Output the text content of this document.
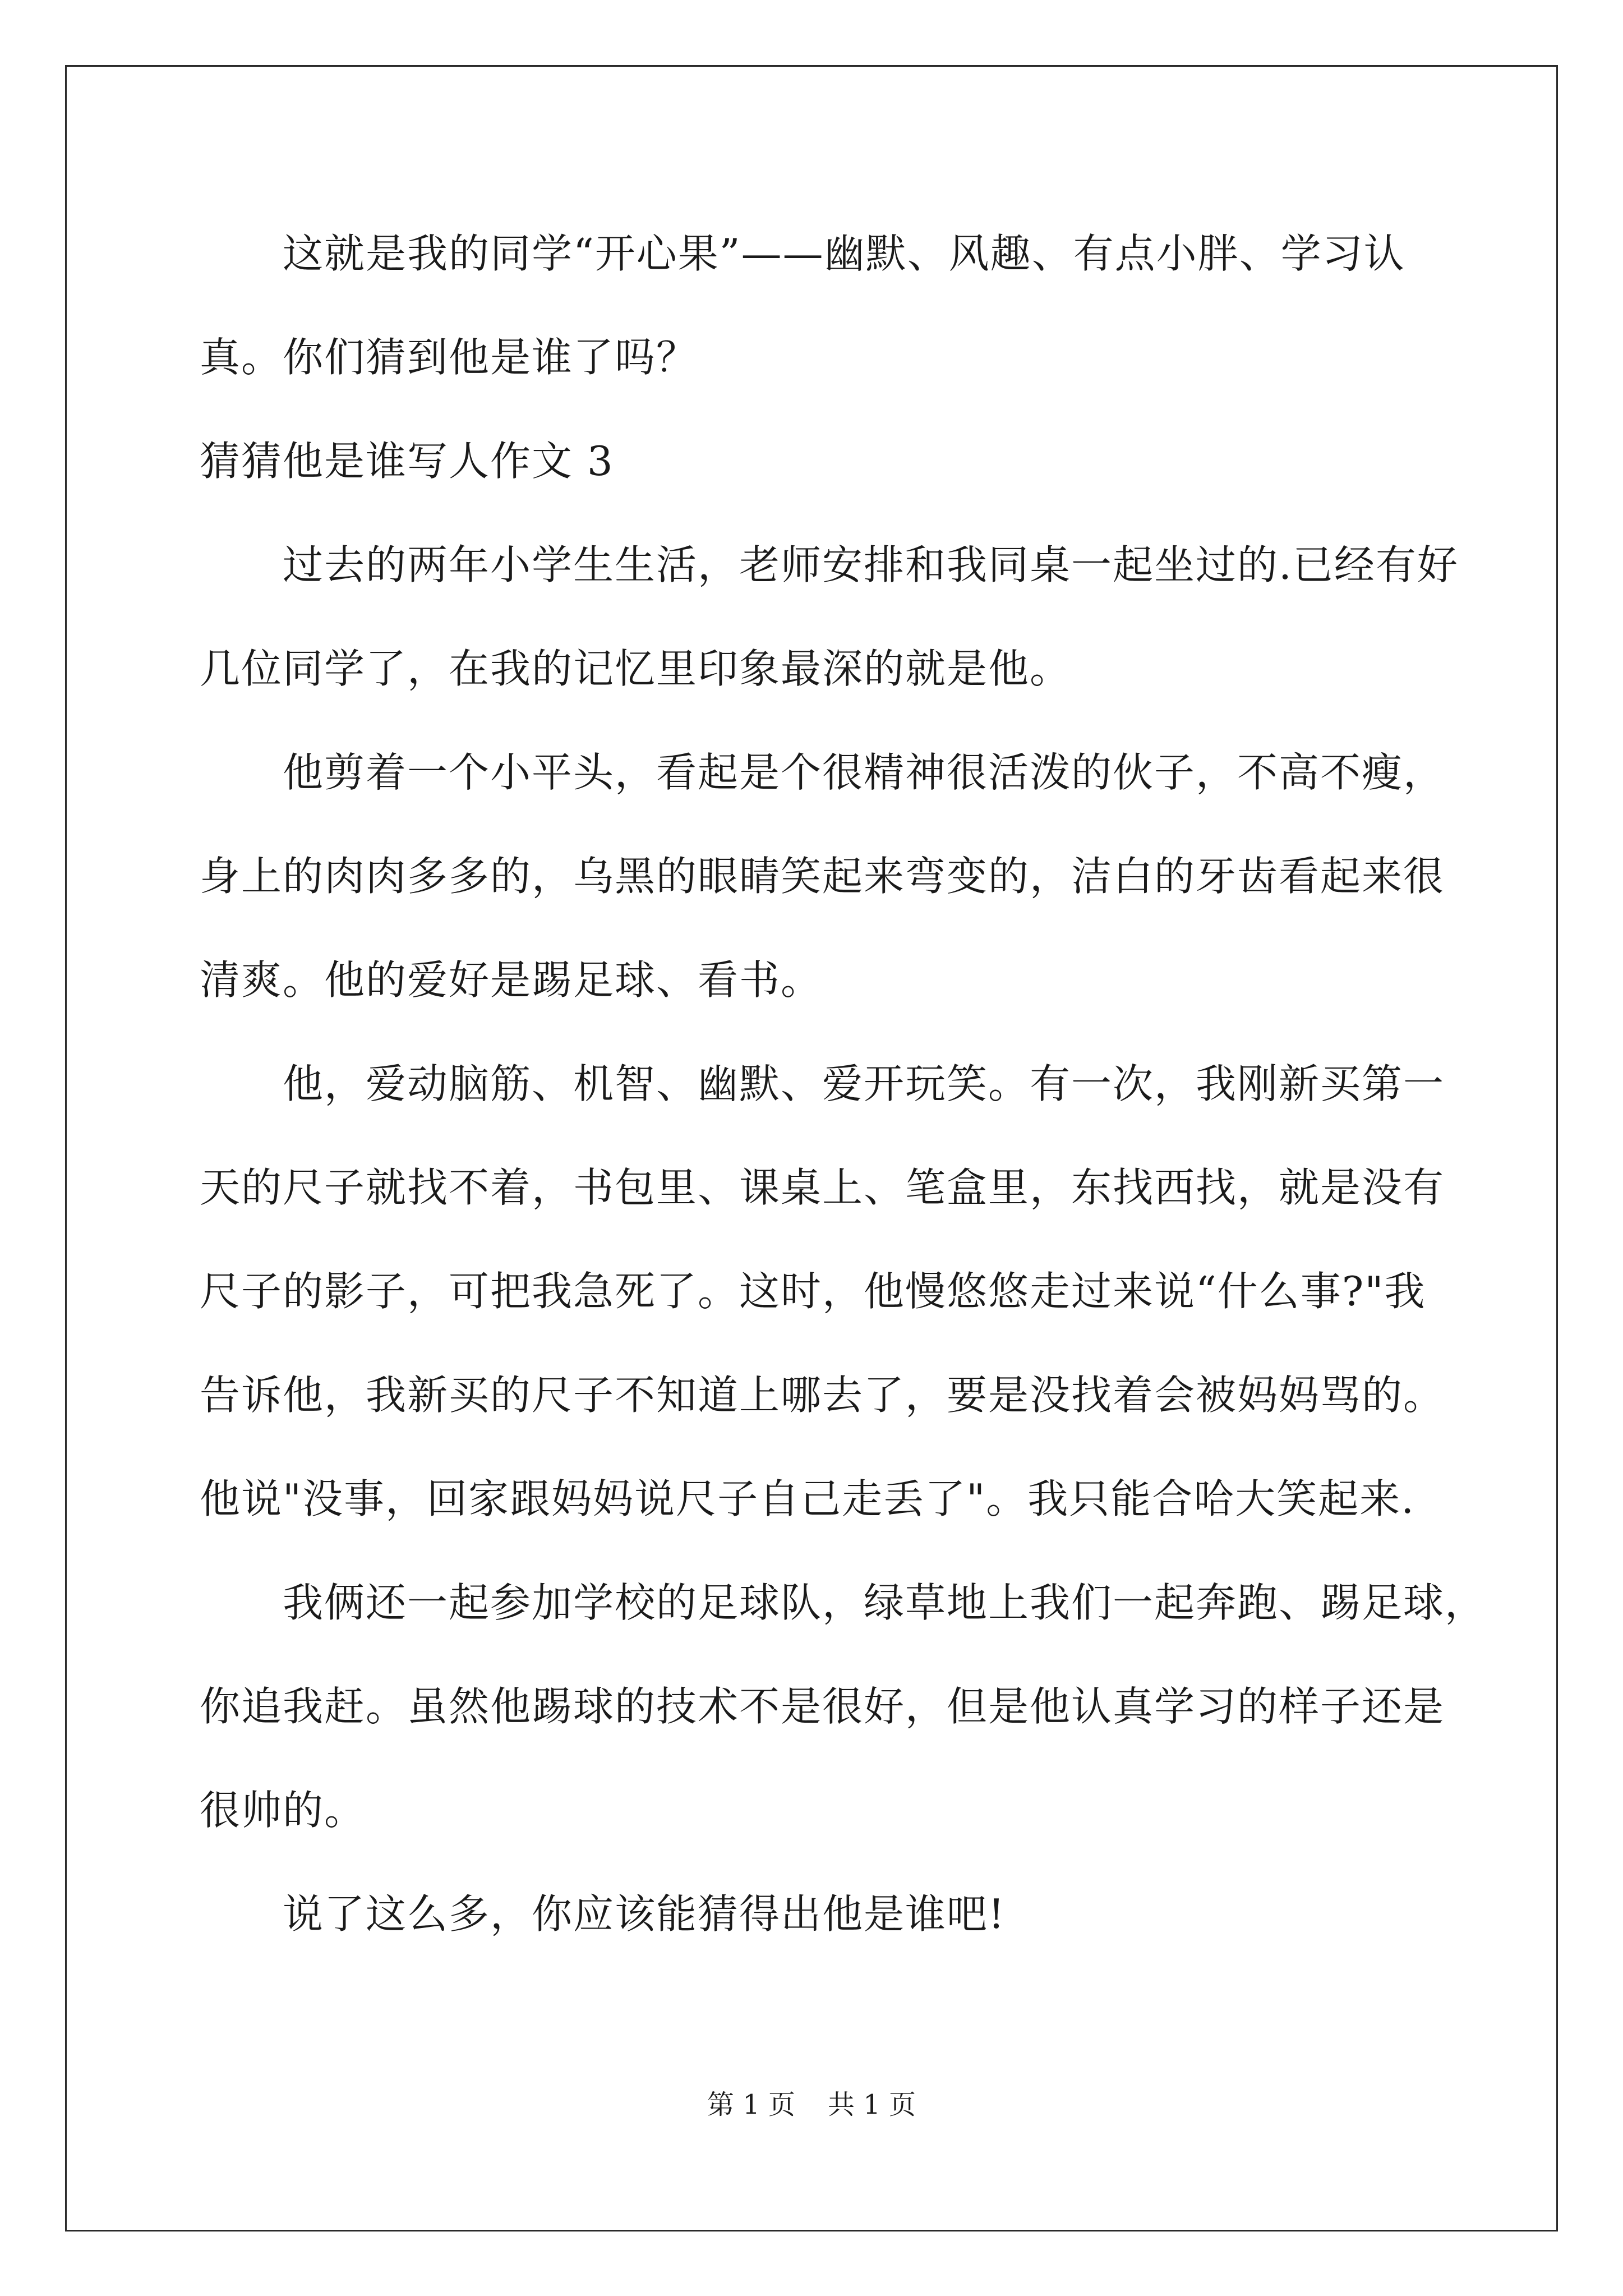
这就是我的同学“开心果”——幽默、风趣、有点小胖、学习认
真。你们猜到他是谁了吗？
猜猜他是谁写人作文 3
过去的两年小学生生活，老师安排和我同桌一起坐过的.已经有好
几位同学了，在我的记忆里印象最深的就是他。
他剪着一个小平头，看起是个很精神很活泼的伙子，不高不瘦，
身上的肉肉多多的，乌黑的眼睛笑起来弯变的，洁白的牙齿看起来很
清爽。他的爱好是踢足球、看书。
他，爱动脑筋、机智、幽默、爱开玩笑。有一次，我刚新买第一
天的尺子就找不着，书包里、课桌上、笔盒里，东找西找，就是没有
尺子的影子，可把我急死了。这时，他慢悠悠走过来说“什么事?"我
告诉他，我新买的尺子不知道上哪去了，要是没找着会被妈妈骂的。
他说"没事，回家跟妈妈说尺子自己走丢了"。我只能合哈大笑起来.
我俩还一起参加学校的足球队，绿草地上我们一起奔跑、踢足球，
你追我赶。虽然他踢球的技术不是很好，但是他认真学习的样子还是
很帅的。
说了这么多，你应该能猜得出他是谁吧!
第 1 页 共 1 页
